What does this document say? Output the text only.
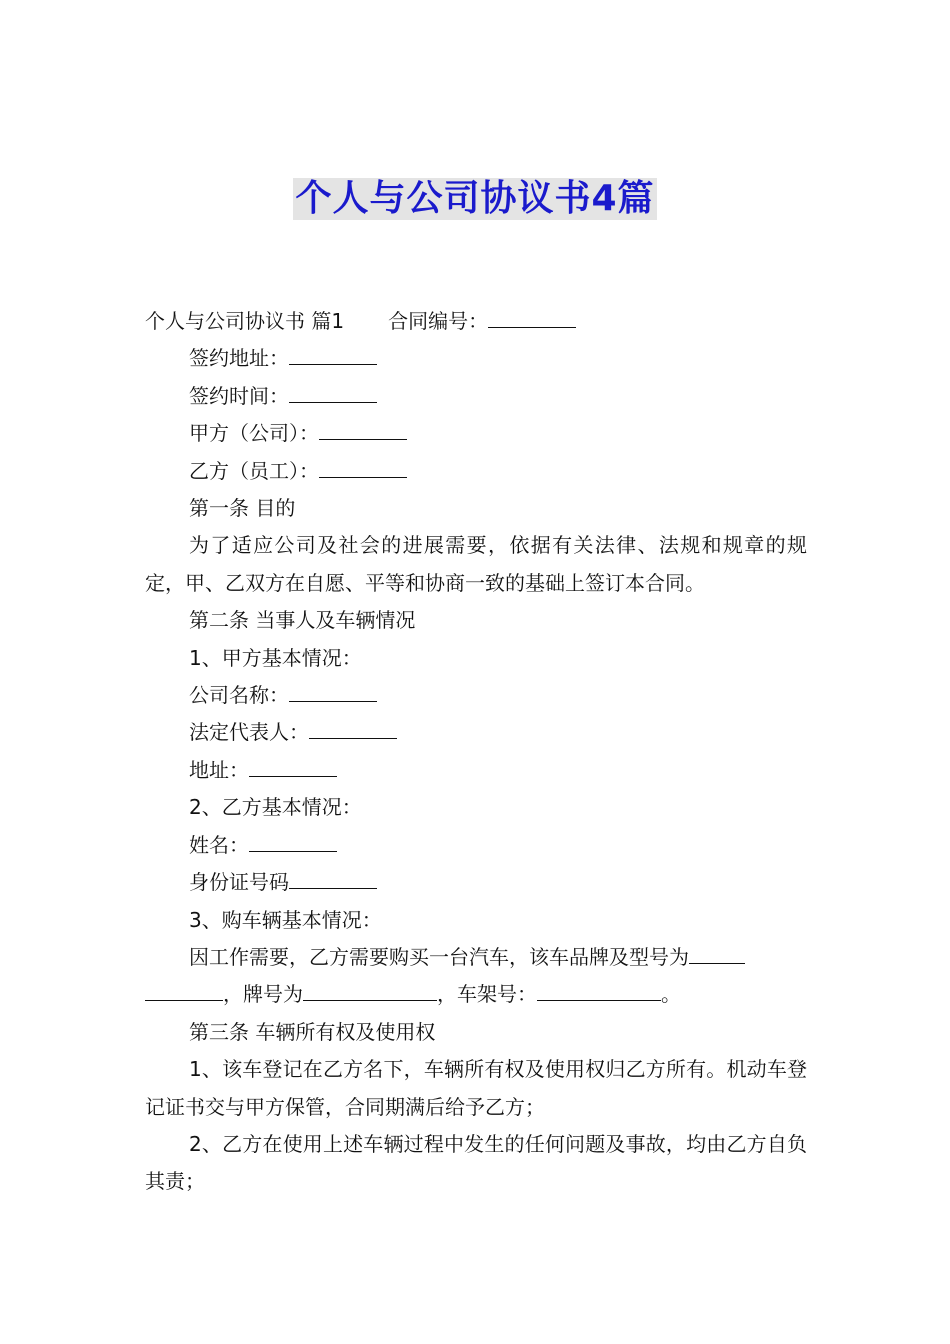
个人与公司协议书4篇

个人与公司协议书 篇1 合同编号：

签约地址：

签约时间：

甲方（公司）：

乙方（员工）：

第一条 目的

为了适应公司及社会的进展需要，依据有关法律、法规和规章的规定，甲、乙双方在自愿、平等和协商一致的基础上签订本合同。

第二条 当事人及车辆情况

1、甲方基本情况：

公司名称：

法定代表人：

地址：

2、乙方基本情况：

姓名：

身份证号码

3、购车辆基本情况：

因工作需要，乙方需要购买一台汽车，该车品牌及型号为

，牌号为	，车架号：	。

第三条 车辆所有权及使用权

1、该车登记在乙方名下，车辆所有权及使用权归乙方所有。机动车登记证书交与甲方保管，合同期满后给予乙方；

2、乙方在使用上述车辆过程中发生的任何问题及事故，均由乙方自负其责；
